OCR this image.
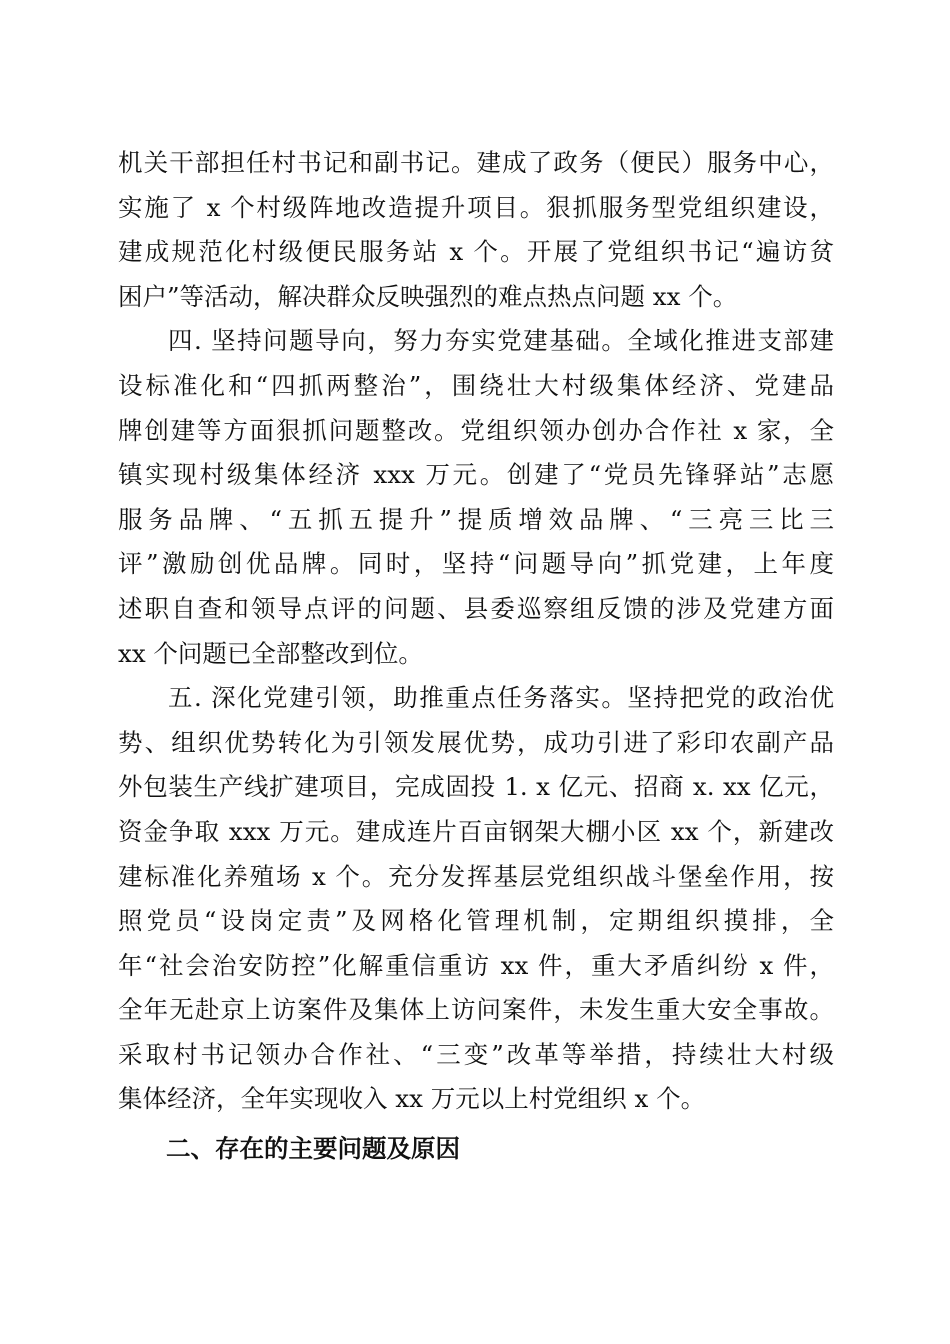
机关干部担任村书记和副书记。建成了政务（便民）服务中心，
实施了 x 个村级阵地改造提升项目。狠抓服务型党组织建设，
建成规范化村级便民服务站 x 个。开展了党组织书记“遍访贫
困户”等活动，解决群众反映强烈的难点热点问题 xx 个。
四. 坚持问题导向，努力夯实党建基础。全域化推进支部建
设标准化和“四抓两整治”，围绕壮大村级集体经济、党建品
牌创建等方面狠抓问题整改。党组织领办创办合作社 x 家，全
镇实现村级集体经济 xxx 万元。创建了“党员先锋驿站”志愿
服务品牌、“五抓五提升”提质增效品牌、“三亮三比三
评”激励创优品牌。同时，坚持“问题导向”抓党建，上年度
述职自查和领导点评的问题、县委巡察组反馈的涉及党建方面
xx 个问题已全部整改到位。
五. 深化党建引领，助推重点任务落实。坚持把党的政治优
势、组织优势转化为引领发展优势，成功引进了彩印农副产品
外包装生产线扩建项目，完成固投 1. x 亿元、招商 x. xx 亿元，
资金争取 xxx 万元。建成连片百亩钢架大棚小区 xx 个，新建改
建标准化养殖场 x 个。充分发挥基层党组织战斗堡垒作用，按
照党员“设岗定责”及网格化管理机制，定期组织摸排，全
年“社会治安防控”化解重信重访 xx 件，重大矛盾纠纷 x 件，
全年无赴京上访案件及集体上访问案件，未发生重大安全事故。
采取村书记领办合作社、“三变”改革等举措，持续壮大村级
集体经济，全年实现收入 xx 万元以上村党组织 x 个。
二、存在的主要问题及原因
